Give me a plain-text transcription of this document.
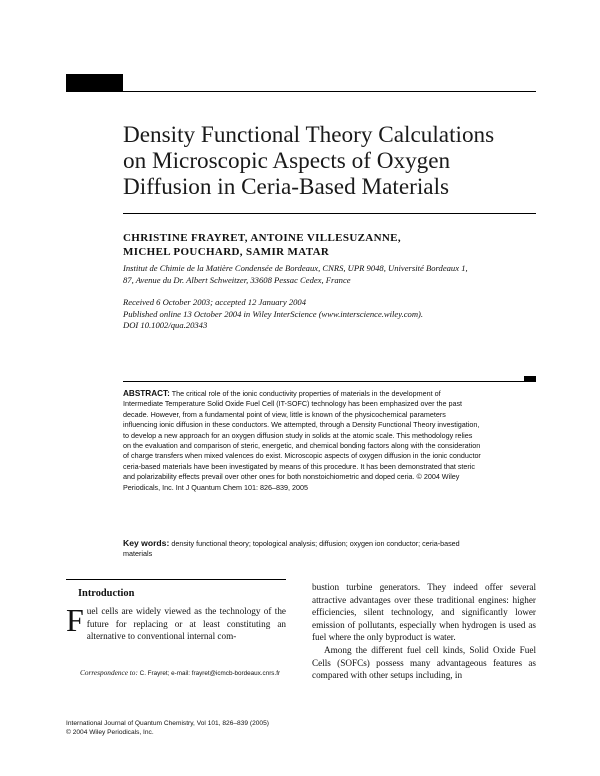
Density Functional Theory Calculations
on Microscopic Aspects of Oxygen
Diffusion in Ceria-Based Materials
CHRISTINE FRAYRET, ANTOINE VILLESUZANNE,
MICHEL POUCHARD, SAMIR MATAR
Institut de Chimie de la Matière Condensée de Bordeaux, CNRS, UPR 9048, Université Bordeaux 1,
87, Avenue du Dr. Albert Schweitzer, 33608 Pessac Cedex, France
Received 6 October 2003; accepted 12 January 2004
Published online 13 October 2004 in Wiley InterScience (www.interscience.wiley.com).
DOI 10.1002/qua.20343
ABSTRACT: The critical role of the ionic conductivity properties of materials in the development of Intermediate Temperature Solid Oxide Fuel Cell (IT-SOFC) technology has been emphasized over the past decade. However, from a fundamental point of view, little is known of the physicochemical parameters influencing ionic diffusion in these conductors. We attempted, through a Density Functional Theory investigation, to develop a new approach for an oxygen diffusion study in solids at the atomic scale. This methodology relies on the evaluation and comparison of steric, energetic, and chemical bonding factors along with the consideration of charge transfers when mixed valences do exist. Microscopic aspects of oxygen diffusion in the ionic conductor ceria-based materials have been investigated by means of this procedure. It has been demonstrated that steric and polarizability effects prevail over other ones for both nonstoichiometric and doped ceria. © 2004 Wiley Periodicals, Inc. Int J Quantum Chem 101: 826–839, 2005
Key words: density functional theory; topological analysis; diffusion; oxygen ion conductor; ceria-based materials
Introduction
Fuel cells are widely viewed as the technology of the future for replacing or at least constituting an alternative to conventional internal com-
Correspondence to: C. Frayret; e-mail: frayret@icmcb-bordeaux.cnrs.fr

bustion turbine generators. They indeed offer several attractive advantages over these traditional engines: higher efficiencies, silent technology, and significantly lower emission of pollutants, especially when hydrogen is used as fuel where the only byproduct is water.

Among the different fuel cell kinds, Solid Oxide Fuel Cells (SOFCs) possess many advantageous features as compared with other setups including, in

International Journal of Quantum Chemistry, Vol 101, 826–839 (2005)
© 2004 Wiley Periodicals, Inc.
